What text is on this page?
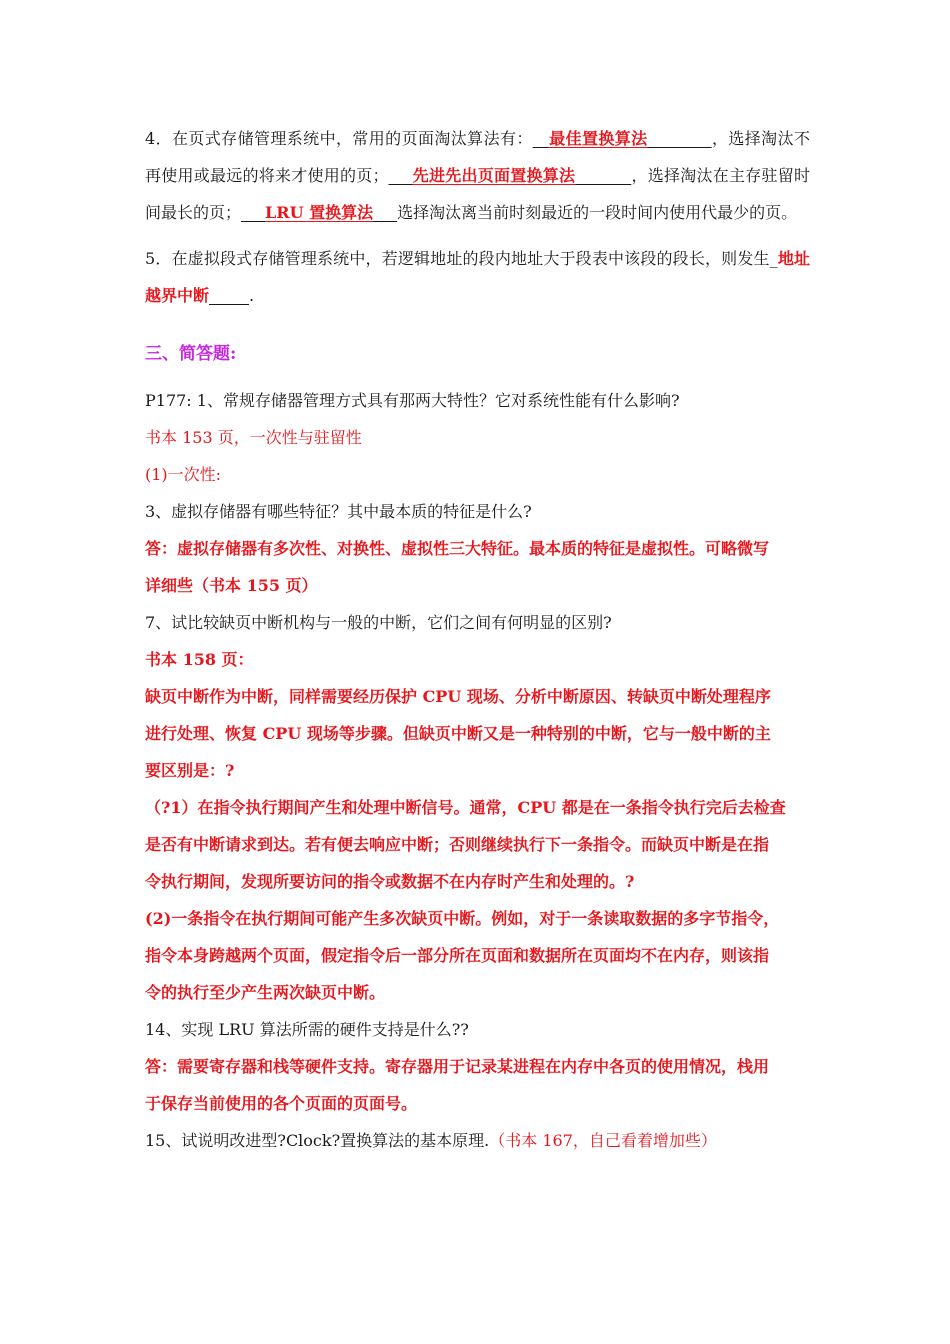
4．在页式存储管理系统中，常用的页面淘汰算法有：__最佳置换算法________，选择淘汰不再使用或最远的将来才使用的页；___先进先出页面置换算法_______，选择淘汰在主存驻留时间最长的页；___LRU 置换算法___选择淘汰离当前时刻最近的一段时间内使用代最少的页。

5．在虚拟段式存储管理系统中，若逻辑地址的段内地址大于段表中该段的段长，则发生_地址越界中断_____.

三、简答题:

P177: 1、常规存储器管理方式具有那两大特性？它对系统性能有什么影响?

书本 153 页，一次性与驻留性

(1)一次性:

3、虚拟存储器有哪些特征？其中最本质的特征是什么?

答：虚拟存储器有多次性、对换性、虚拟性三大特征。最本质的特征是虚拟性。可略微写

详细些（书本 155 页）

7、试比较缺页中断机构与一般的中断，它们之间有何明显的区别?

书本 158 页：

缺页中断作为中断，同样需要经历保护 CPU 现场、分析中断原因、转缺页中断处理程序

进行处理、恢复 CPU 现场等步骤。但缺页中断又是一种特别的中断，它与一般中断的主

要区别是：?

（?1）在指令执行期间产生和处理中断信号。通常，CPU 都是在一条指令执行完后去检查

是否有中断请求到达。若有便去响应中断；否则继续执行下一条指令。而缺页中断是在指

令执行期间，发现所要访问的指令或数据不在内存时产生和处理的。?

(2)一条指令在执行期间可能产生多次缺页中断。例如，对于一条读取数据的多字节指令，

指令本身跨越两个页面，假定指令后一部分所在页面和数据所在页面均不在内存，则该指

令的执行至少产生两次缺页中断。

14、实现 LRU 算法所需的硬件支持是什么??

答：需要寄存器和栈等硬件支持。寄存器用于记录某进程在内存中各页的使用情况，栈用

于保存当前使用的各个页面的页面号。

15、试说明改进型?Clock?置换算法的基本原理.（书本 167，自己看着增加些）
